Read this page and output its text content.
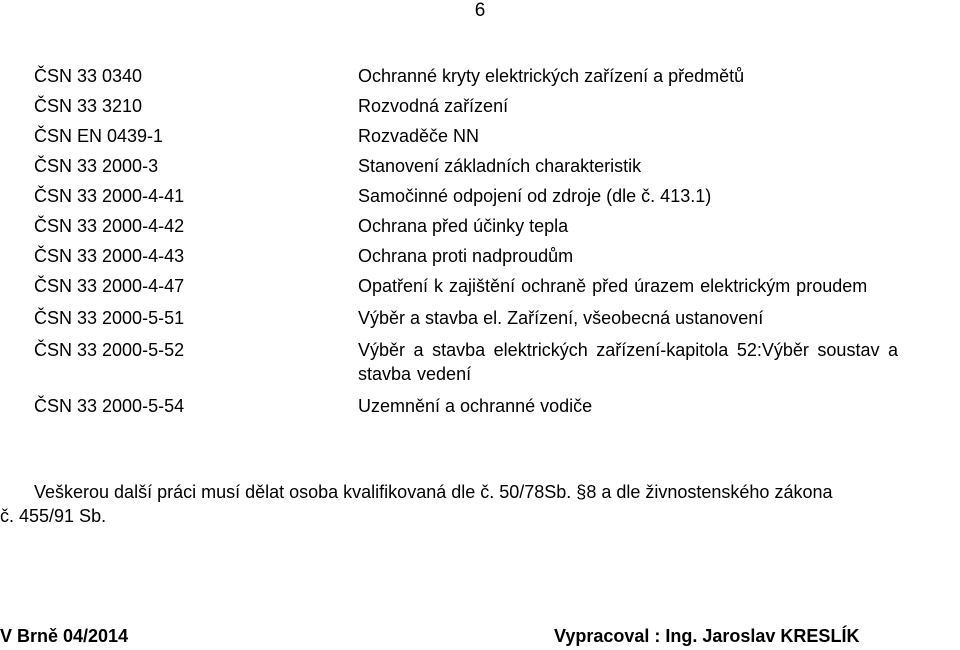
6
ČSN 33 0340	Ochranné kryty elektrických zařízení a předmětů
ČSN 33 3210	Rozvodná zařízení
ČSN EN 0439-1	Rozvaděče NN
ČSN 33 2000-3	Stanovení základních charakteristik
ČSN 33 2000-4-41	Samočinné odpojení od zdroje (dle č. 413.1)
ČSN 33 2000-4-42	Ochrana před účinky tepla
ČSN 33 2000-4-43	Ochrana proti nadproudům
ČSN 33 2000-4-47	Opatření k zajištění ochraně před úrazem elektrickým proudem
ČSN 33 2000-5-51	Výběr a stavba el. Zařízení, všeobecná ustanovení
ČSN 33 2000-5-52	Výběr a stavba elektrických zařízení-kapitola 52:Výběr soustav a stavba vedení
ČSN 33 2000-5-54	Uzemnění a ochranné vodiče
Veškerou další práci musí dělat osoba kvalifikovaná dle č. 50/78Sb. §8 a dle živnostenského zákona
č. 455/91 Sb.
V Brně 04/2014	Vypracoval : Ing. Jaroslav KRESLÍK
